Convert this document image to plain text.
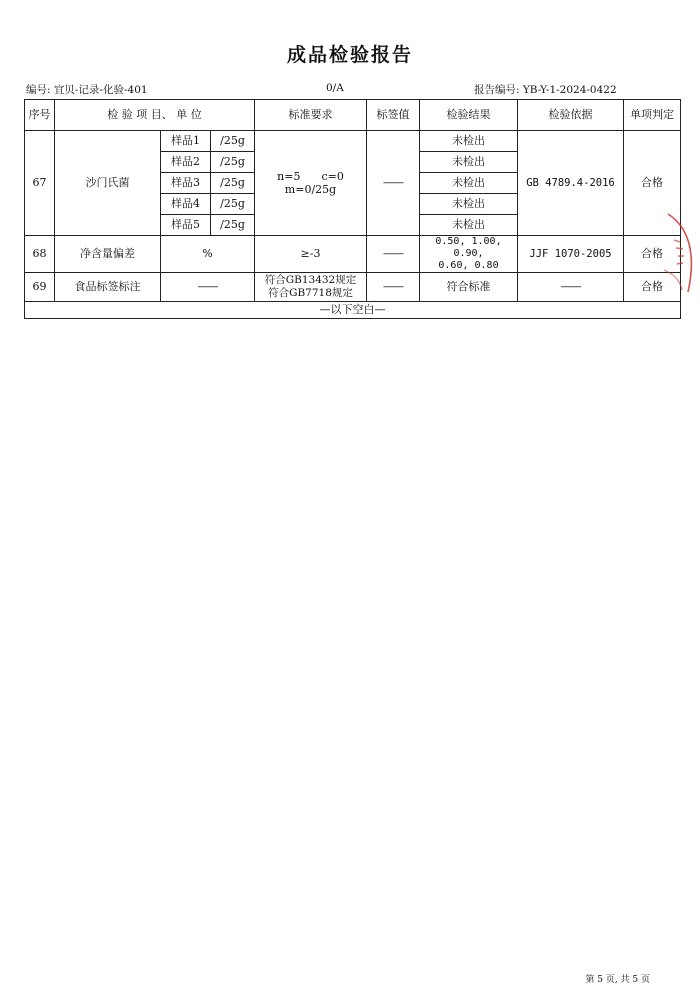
成品检验报告
编号: 宜贝-记录-化验-401	0/A	报告编号: YB-Y-1-2024-0422
序号	检 验 项 目、 单 位			标准要求	标签值	检验结果	检验依据	单项判定
67	沙门氏菌	样品1	/25g	n=5      c=0
m=0/25g	——	未检出	GB 4789.4-2016	合格
		样品2	/25g			未检出		
		样品3	/25g			未检出		
		样品4	/25g			未检出		
		样品5	/25g			未检出		
68	净含量偏差	%		≥-3	——	0.50, 1.00, 0.90,
0.60, 0.80	JJF 1070-2005	合格
69	食品标签标注	——		符合GB13432规定
符合GB7718规定	——	符合标准	——	合格
—以下空白—								
第 5 页, 共 5 页
